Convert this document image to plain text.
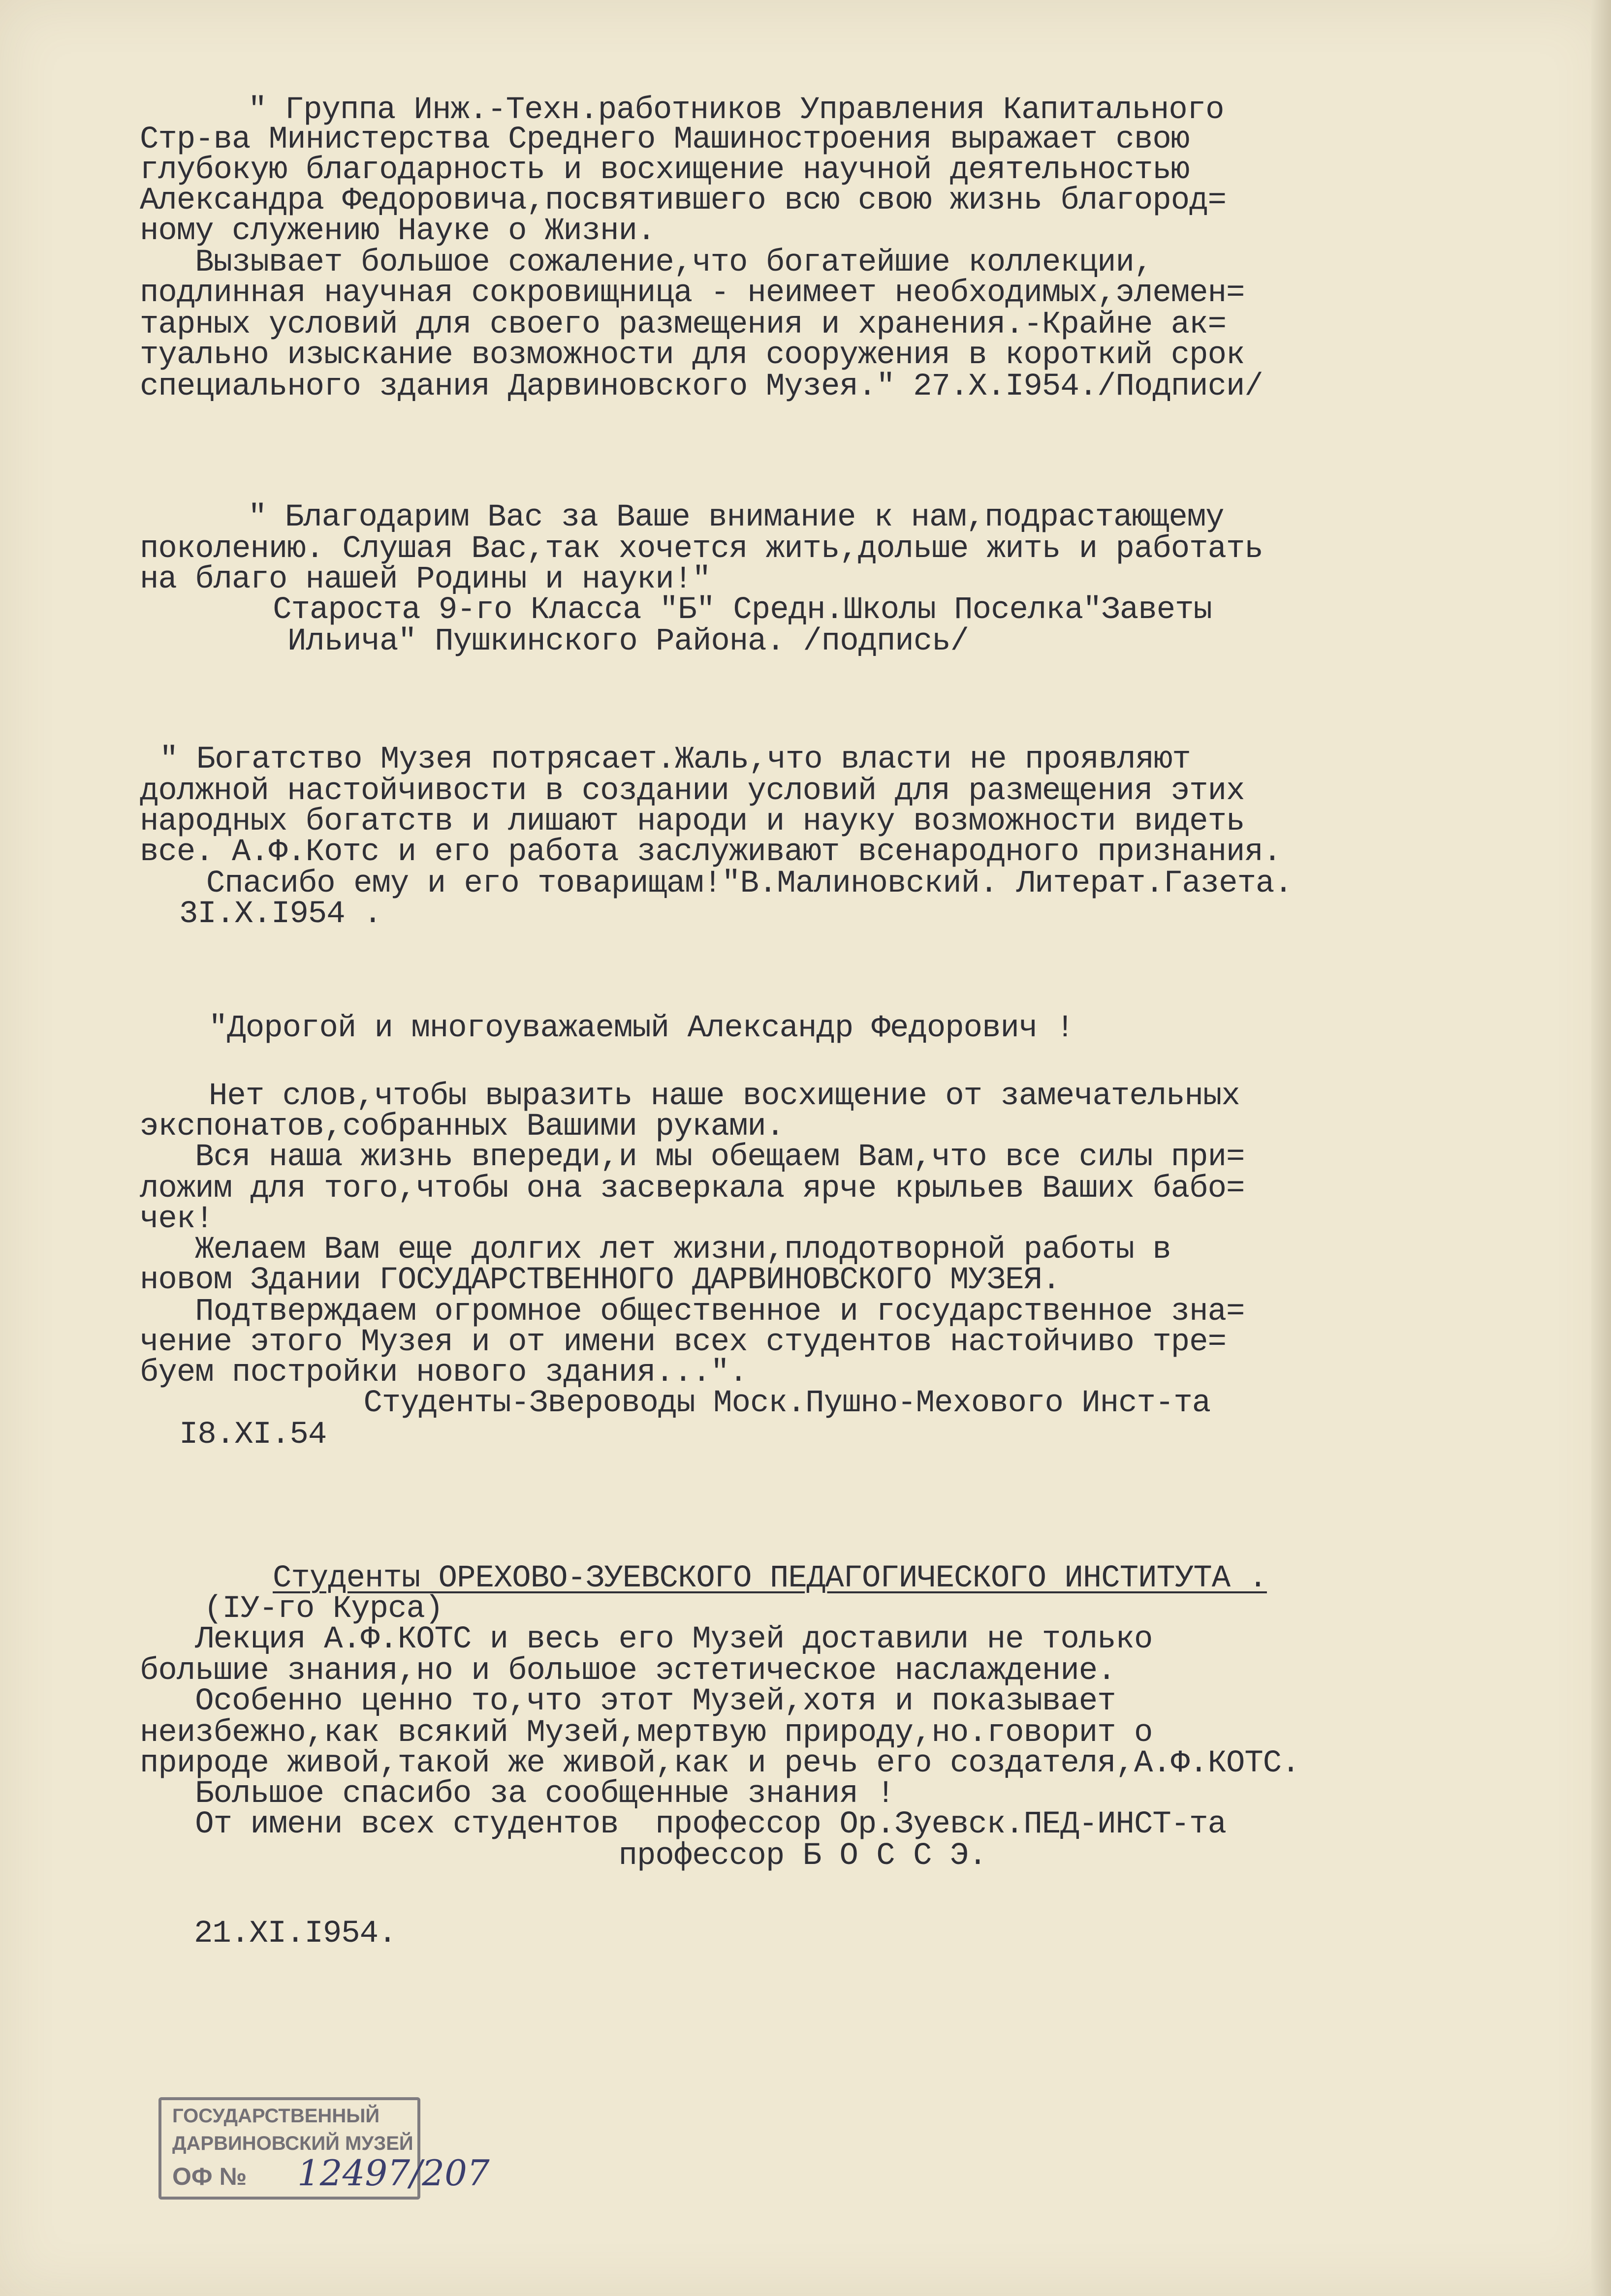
" Группа Инж.-Техн.работников Управления Капитального

Стр-ва Министерства Среднего Машиностроения выражает свою

глубокую благодарность и восхищение научной деятельностью

Александра Федоровича,посвятившего всю свою жизнь благород=

ному служению Науке о Жизни.

Вызывает большое сожаление,что богатейшие коллекции,

подлинная научная сокровищница - неимеет необходимых,элемен=

тарных условий для своего размещения и хранения.-Крайне ак=

туально изыскание возможности для сооружения в короткий срок

специального здания Дарвиновского Музея." 27.Х.I954./Подписи/

" Благодарим Вас за Ваше внимание к нам,подрастающему

поколению. Слушая Вас,так хочется жить,дольше жить и работать

на благо нашей Родины и науки!"

Староста 9-го Класса "Б" Средн.Школы Поселка"Заветы

Ильича" Пушкинского Района. /подпись/

" Богатство Музея потрясает.Жаль,что власти не проявляют

должной настойчивости в создании условий для размещения этих

народных богатств и лишают народи и науку возможности видеть

все. А.Ф.Котс и его работа заслуживают всенародного признания.

Спасибо ему и его товарищам!"В.Малиновский. Литерат.Газета.

3I.Х.I954 .

"Дорогой и многоуважаемый Александр Федорович !

Нет слов,чтобы выразить наше восхищение от замечательных

экспонатов,собранных Вашими руками.

Вся наша жизнь впереди,и мы обещаем Вам,что все силы при=

ложим для того,чтобы она засверкала ярче крыльев Ваших бабо=

чек!

Желаем Вам еще долгих лет жизни,плодотворной работы в

новом Здании ГОСУДАРСТВЕННОГО ДАРВИНОВСКОГО МУЗЕЯ.

Подтверждаем огромное общественное и государственное зна=

чение этого Музея и от имени всех студентов настойчиво тре=

буем постройки нового здания...".

Студенты-Звероводы Моск.Пушно-Мехового Инст-та

I8.XI.54

Студенты ОРЕХОВО-ЗУЕВСКОГО ПЕДАГОГИЧЕСКОГО ИНСТИТУТА .

(IУ-го Курса)

Лекция А.Ф.КОТС и весь его Музей доставили не только

большие знания,но и большое эстетическое наслаждение.

Особенно ценно то,что этот Музей,хотя и показывает

неизбежно,как всякий Музей,мертвую природу,но.говорит о

природе живой,такой же живой,как и речь его создателя,А.Ф.КОТС.

Большое спасибо за сообщенные знания !

От имени всех студентов  профессор Ор.Зуевск.ПЕД-ИНСТ-та

профессор Б О С С Э.

21.XI.I954.

ГОСУДАРСТВЕННЫЙ
ДАРВИНОВСКИЙ МУЗЕЙ
ОФ № 12497/207
